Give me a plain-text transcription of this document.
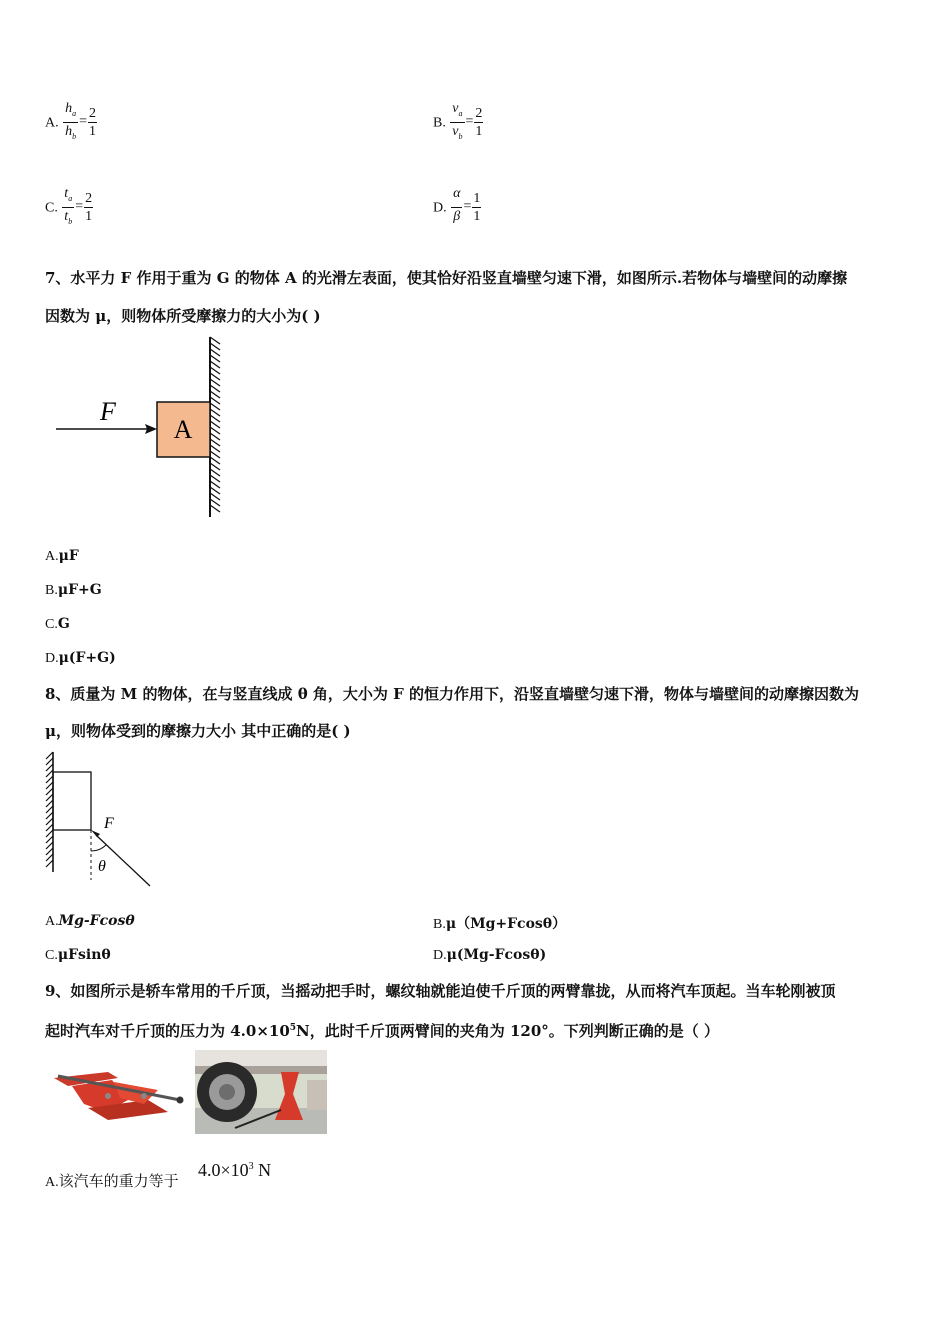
A. $\frac{h_a}{h_b} = \frac{2}{1}$	B. $\frac{v_a}{v_b} = \frac{2}{1}$
C. $\frac{t_a}{t_b} = \frac{2}{1}$	D. $\frac{\alpha}{\beta} = \frac{1}{1}$
7、水平力 F 作用于重为 G 的物体 A 的光滑左表面，使其恰好沿竖直墙壁匀速下滑，如图所示.若物体与墙壁间的动摩擦
因数为 μ，则物体所受摩擦力的大小为( )
A
F
A.μF
B.μF+G
C.G
D.μ(F+G)
8、质量为 M 的物体，在与竖直线成 θ 角，大小为 F 的恒力作用下，沿竖直墙壁匀速下滑，物体与墙壁间的动摩擦因数为
μ，则物体受到的摩擦力大小 其中正确的是( )
F
θ
A.Mg-Fcosθ	B.μ（Mg+Fcosθ）
C.μFsinθ	D.μ(Mg-Fcosθ)
9、如图所示是轿车常用的千斤顶，当摇动把手时，螺纹轴就能迫使千斤顶的两臂靠拢，从而将汽车顶起。当车轮刚被顶
起时汽车对千斤顶的压力为 $4.0\times 10^5N$，此时千斤顶两臂间的夹角为 120°。下列判断正确的是（ ）
A.该汽车的重力等于
$4.0\times 10^3$ N
